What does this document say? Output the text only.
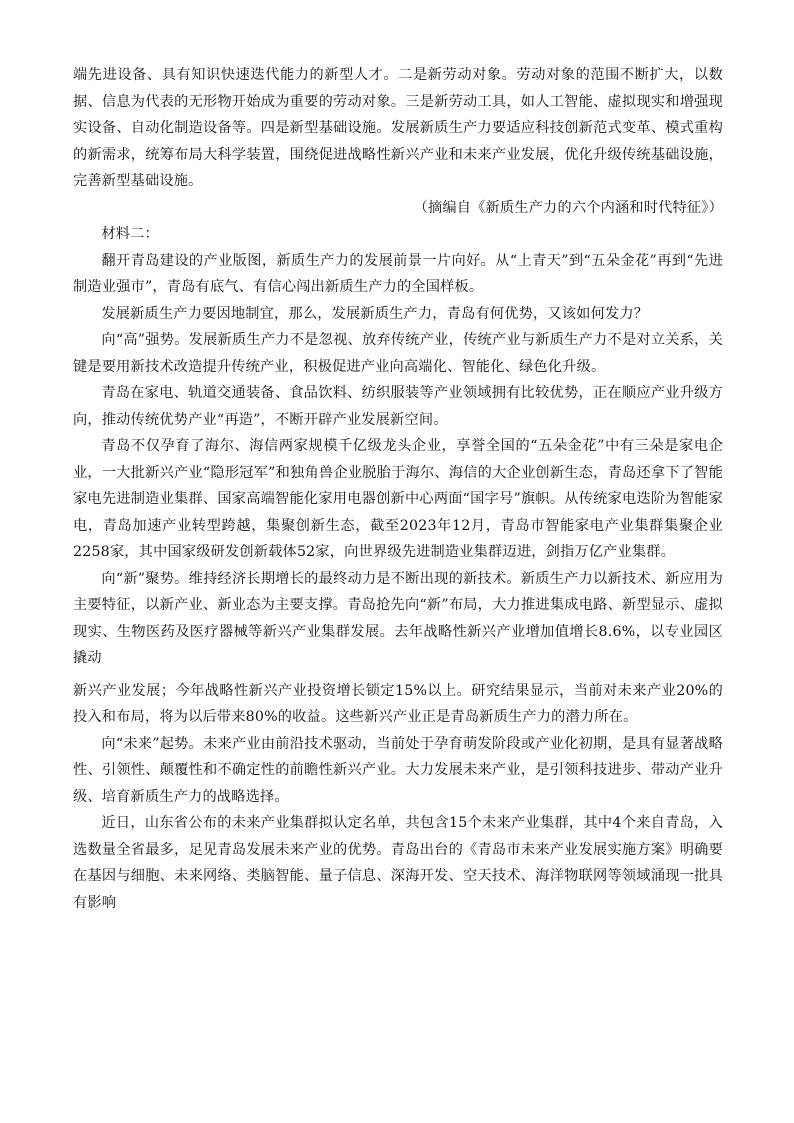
端先进设备、具有知识快速迭代能力的新型人才。二是新劳动对象。劳动对象的范围不断扩大，以数据、信息为代表的无形物开始成为重要的劳动对象。三是新劳动工具，如人工智能、虚拟现实和增强现实设备、自动化制造设备等。四是新型基础设施。发展新质生产力要适应科技创新范式变革、模式重构的新需求，统筹布局大科学装置，围绕促进战略性新兴产业和未来产业发展，优化升级传统基础设施，完善新型基础设施。

（摘编自《新质生产力的六个内涵和时代特征》）

材料二：

翻开青岛建设的产业版图，新质生产力的发展前景一片向好。从“上青天”到“五朵金花”再到“先进制造业强市”，青岛有底气、有信心闯出新质生产力的全国样板。

发展新质生产力要因地制宜，那么，发展新质生产力，青岛有何优势，又该如何发力？

向“高”强势。发展新质生产力不是忽视、放弃传统产业，传统产业与新质生产力不是对立关系，关键是要用新技术改造提升传统产业，积极促进产业向高端化、智能化、绿色化升级。

青岛在家电、轨道交通装备、食品饮料、纺织服装等产业领域拥有比较优势，正在顺应产业升级方向，推动传统优势产业“再造”，不断开辟产业发展新空间。

青岛不仅孕育了海尔、海信两家规模千亿级龙头企业，享誉全国的“五朵金花”中有三朵是家电企业，一大批新兴产业“隐形冠军”和独角兽企业脱胎于海尔、海信的大企业创新生态，青岛还拿下了智能家电先进制造业集群、国家高端智能化家用电器创新中心两面“国字号”旗帜。从传统家电迭阶为智能家电，青岛加速产业转型跨越，集聚创新生态，截至2023年12月，青岛市智能家电产业集群集聚企业2258家，其中国家级研发创新载体52家，向世界级先进制造业集群迈进，剑指万亿产业集群。

向“新”聚势。维持经济长期增长的最终动力是不断出现的新技术。新质生产力以新技术、新应用为主要特征，以新产业、新业态为主要支撑。青岛抢先向“新”布局，大力推进集成电路、新型显示、虚拟现实、生物医药及医疗器械等新兴产业集群发展。去年战略性新兴产业增加值增长8.6%，以专业园区撬动

新兴产业发展；今年战略性新兴产业投资增长锁定15%以上。研究结果显示，当前对未来产业20%的投入和布局，将为以后带来80%的收益。这些新兴产业正是青岛新质生产力的潜力所在。

向“未来”起势。未来产业由前沿技术驱动，当前处于孕育萌发阶段或产业化初期，是具有显著战略性、引领性、颠覆性和不确定性的前瞻性新兴产业。大力发展未来产业，是引领科技进步、带动产业升级、培育新质生产力的战略选择。

近日，山东省公布的未来产业集群拟认定名单，共包含15个未来产业集群，其中4个来自青岛，入选数量全省最多，足见青岛发展未来产业的优势。青岛出台的《青岛市未来产业发展实施方案》明确要在基因与细胞、未来网络、类脑智能、量子信息、深海开发、空天技术、海洋物联网等领域涌现一批具有影响
